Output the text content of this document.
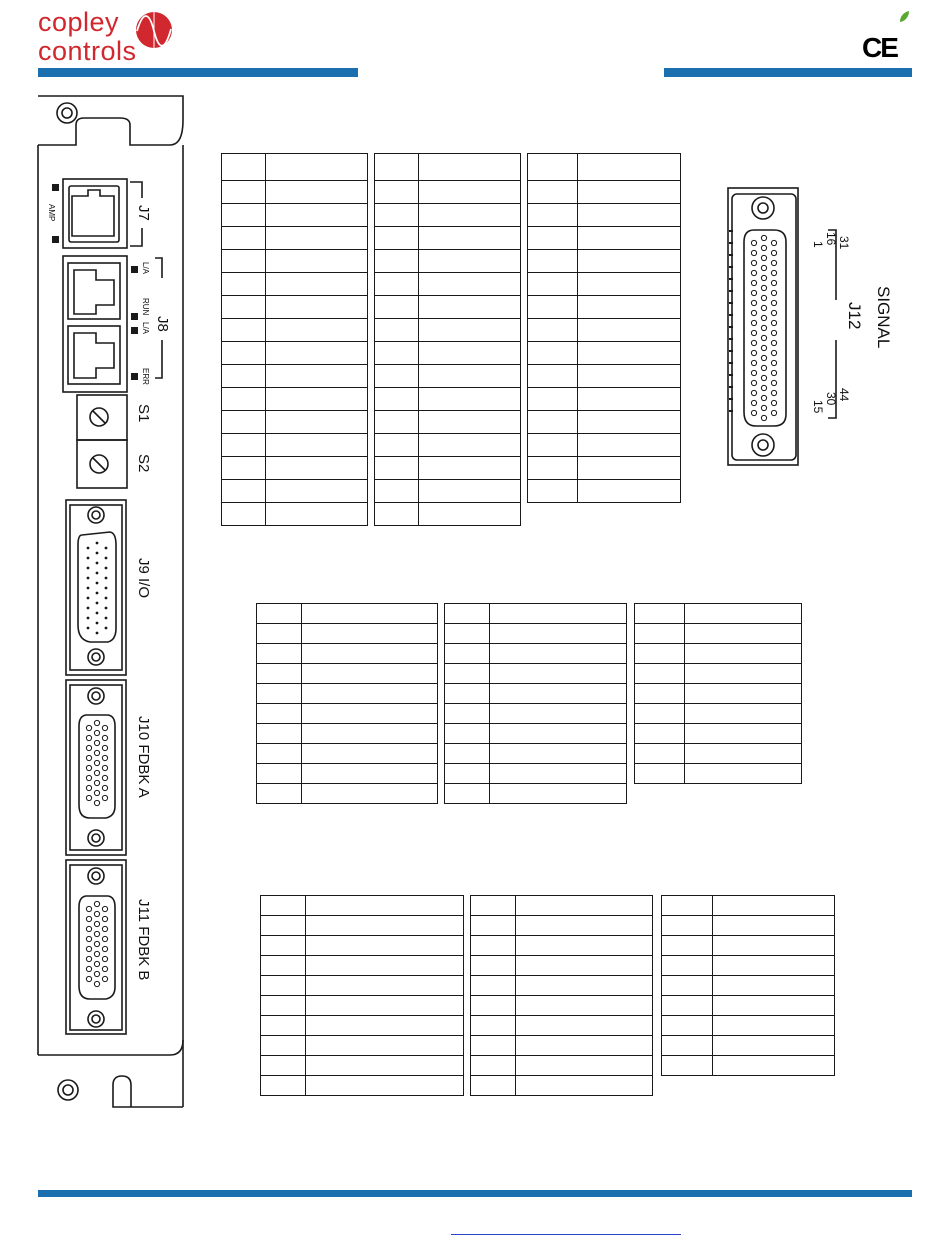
copley
controls	CE
J7
AMP
L/A
J8
RUN
L/A
ERR
S1
S2
J9 I/O
J10 FDBK A
J11 FDBK B
SIGNAL
J12
31
16
1
44
30
15
